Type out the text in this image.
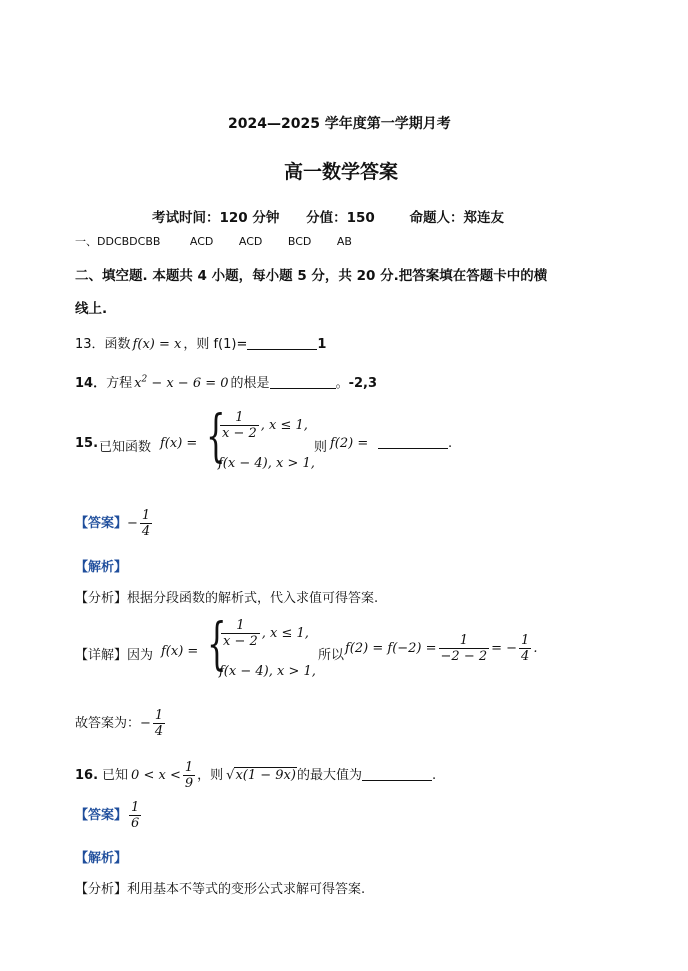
2024—2025 学年度第一学期月考
高一数学答案
考试时间：120 分钟 分值：150	命题人：郑连友
一、DDCBDCBB	ACD ACD BCD AB
二、填空题. 本题共 4 小题，每小题 5 分，共 20 分.把答案填在答题卡中的横
线上.
13．函数 f(x) = x ，则 f(1)=	1
14．方程 $x^2 - x - 6 = 0$ 的根是	。-2,3
15. 已知函数 f(x) = {
$\frac{1}{x - 2}$ , x ≤ 1,
f(x − 4), x > 1,
则 f(2) =	.
【答案】− $\frac{1}{4}$
【解析】
【分析】根据分段函数的解析式，代入求值可得答案.
【详解】因为 f(x) = {
$\frac{1}{x - 2}$ , x ≤ 1,
f(x − 4), x > 1,
所以 $f(2) = f(-2) = \frac{1}{-2 - 2}$ = − $\frac{1}{4}$ .
故答案为：− $\frac{1}{4}$
16. 已知 $0 < x < \frac{1}{9}$ ，则 √x(1 − 9x)的最大值为	.
【答案】 $\frac{1}{6}$
【解析】
【分析】利用基本不等式的变形公式求解可得答案.
